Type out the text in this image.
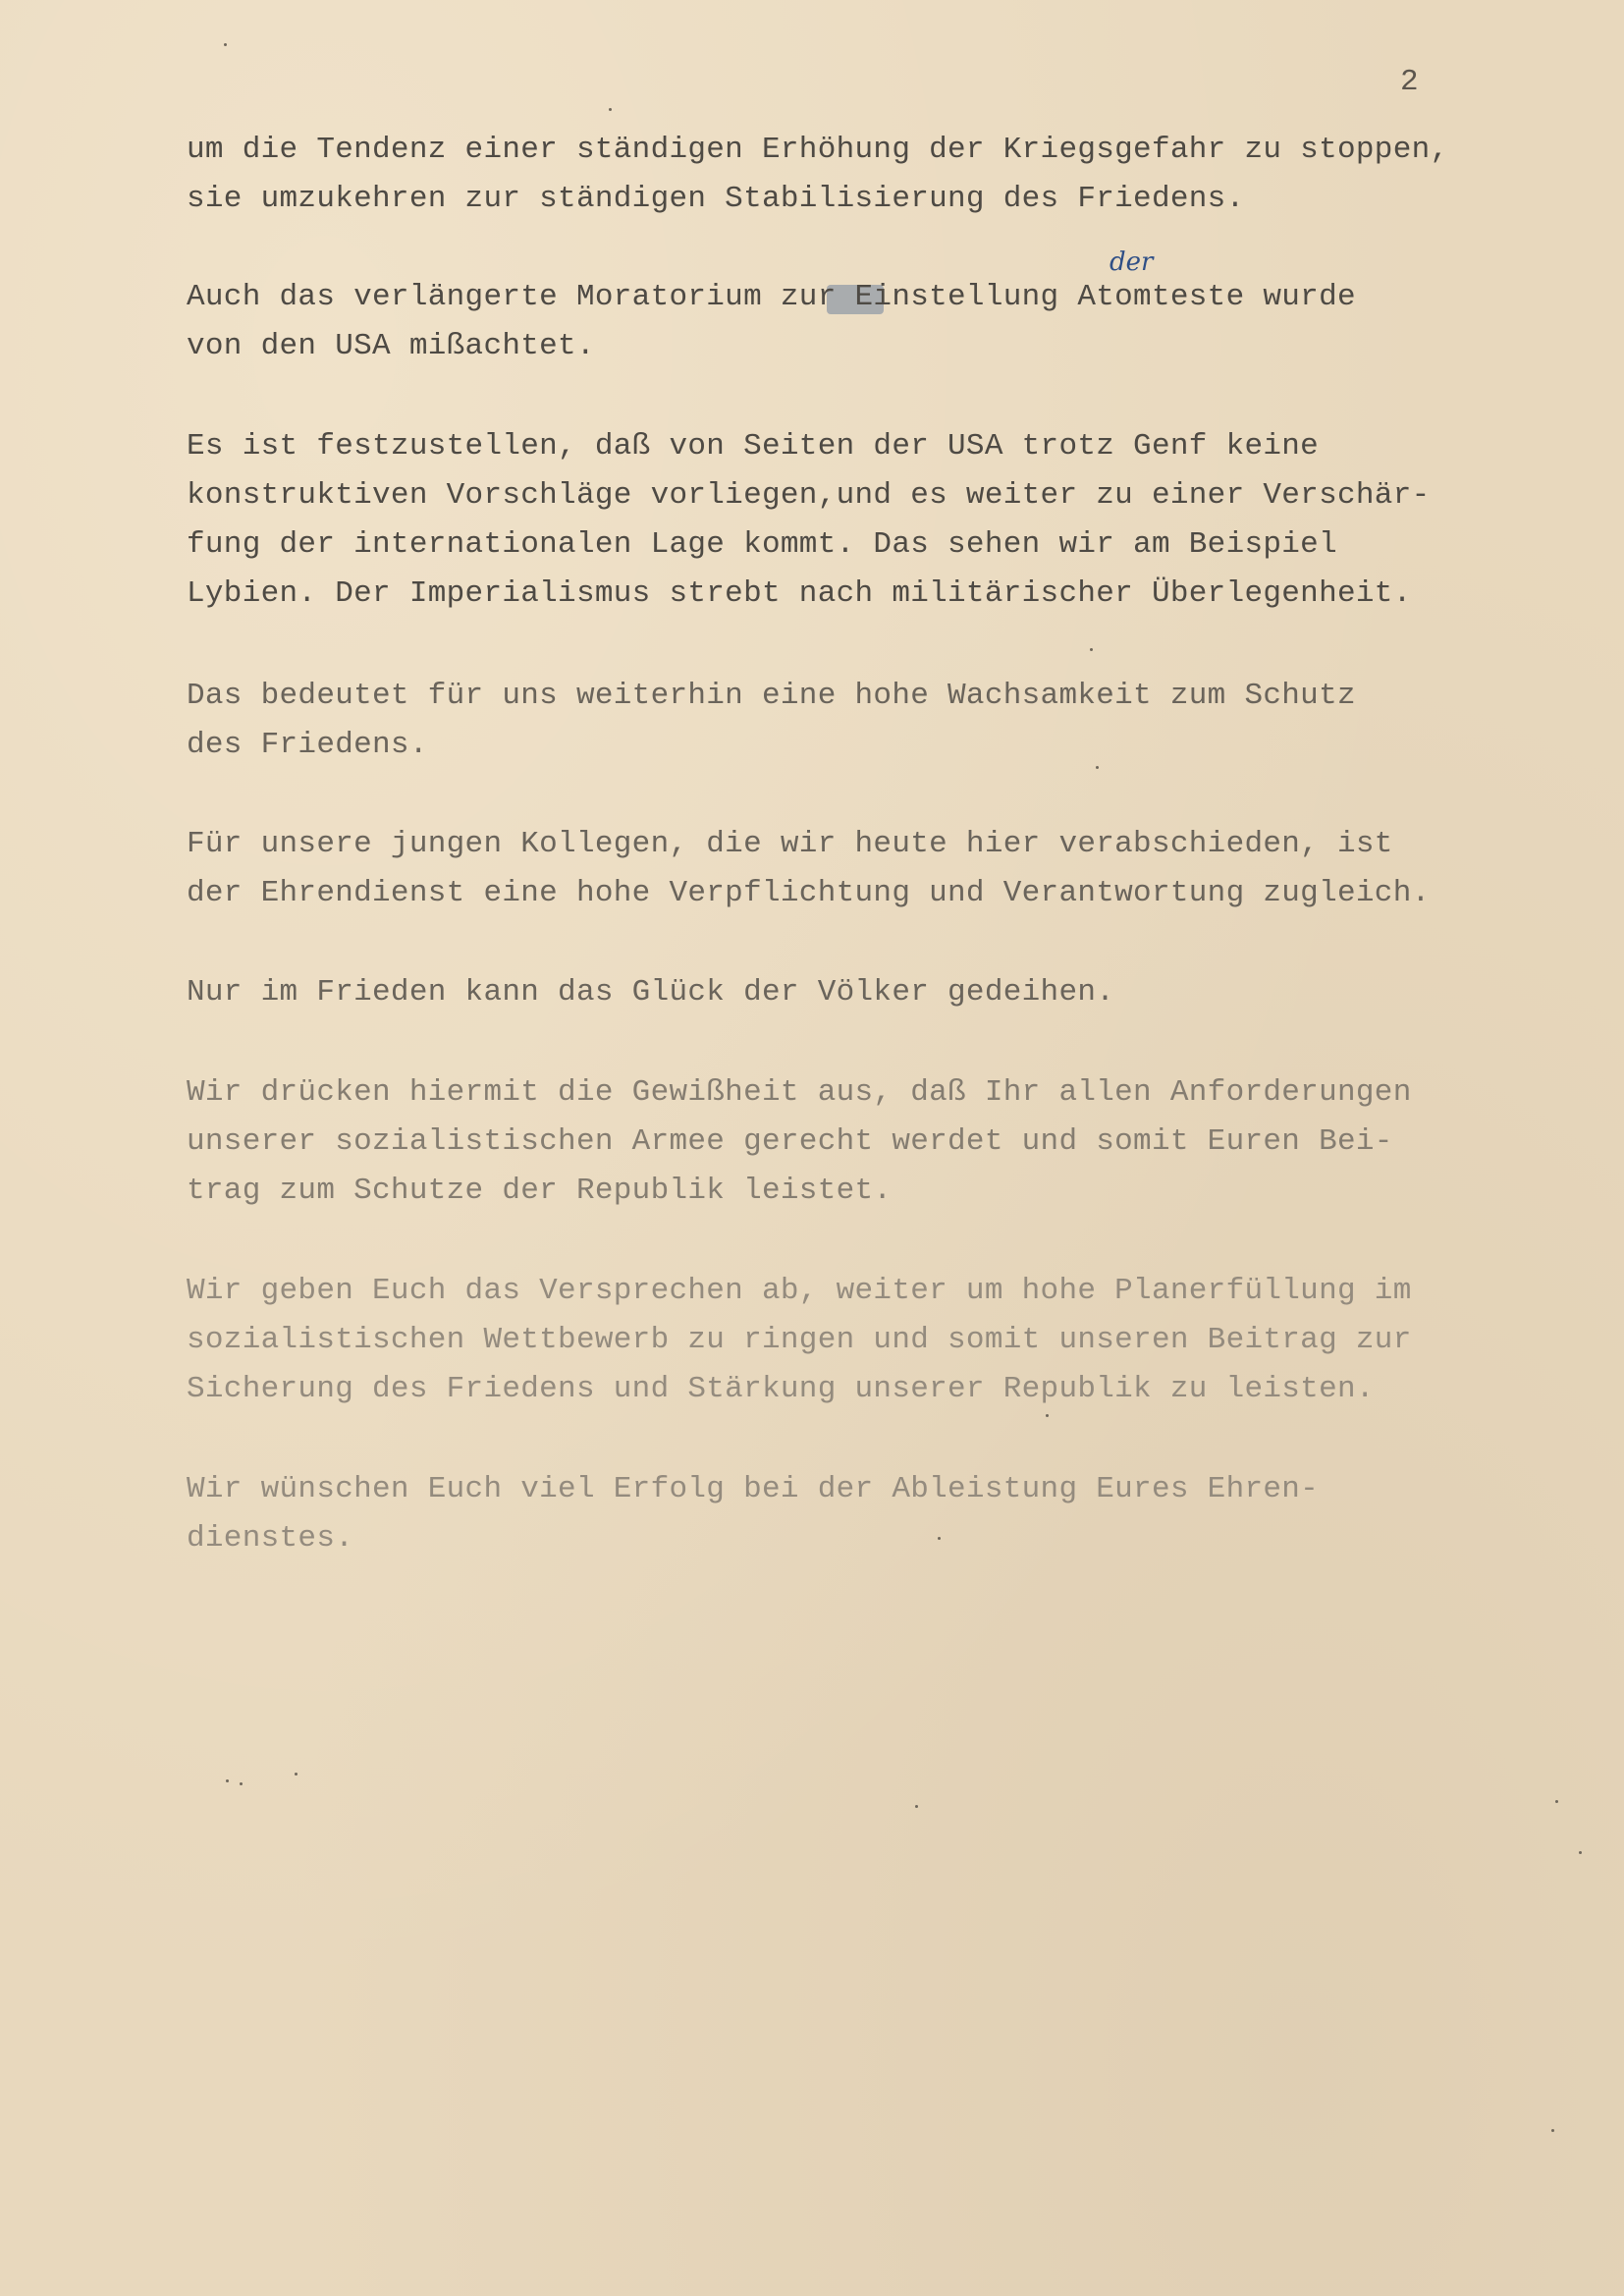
2
der
um die Tendenz einer ständigen Erhöhung der Kriegsgefahr zu stoppen,
sie umzukehren zur ständigen Stabilisierung des Friedens.
Auch das verlängerte Moratorium zur Einstellung Atomteste wurde
von den USA mißachtet.
Es ist festzustellen, daß von Seiten der USA trotz Genf keine
konstruktiven Vorschläge vorliegen,und es weiter zu einer Verschär-
fung der internationalen Lage kommt. Das sehen wir am Beispiel
Lybien. Der Imperialismus strebt nach militärischer Überlegenheit.
Das bedeutet für uns weiterhin eine hohe Wachsamkeit zum Schutz
des Friedens.
Für unsere jungen Kollegen, die wir heute hier verabschieden, ist
der Ehrendienst eine hohe Verpflichtung und Verantwortung zugleich.
Nur im Frieden kann das Glück der Völker gedeihen.
Wir drücken hiermit die Gewißheit aus, daß Ihr allen Anforderungen
unserer sozialistischen Armee gerecht werdet und somit Euren Bei-
trag zum Schutze der Republik leistet.
Wir geben Euch das Versprechen ab, weiter um hohe Planerfüllung im
sozialistischen Wettbewerb zu ringen und somit unseren Beitrag zur
Sicherung des Friedens und Stärkung unserer Republik zu leisten.
Wir wünschen Euch viel Erfolg bei der Ableistung Eures Ehren-
dienstes.
